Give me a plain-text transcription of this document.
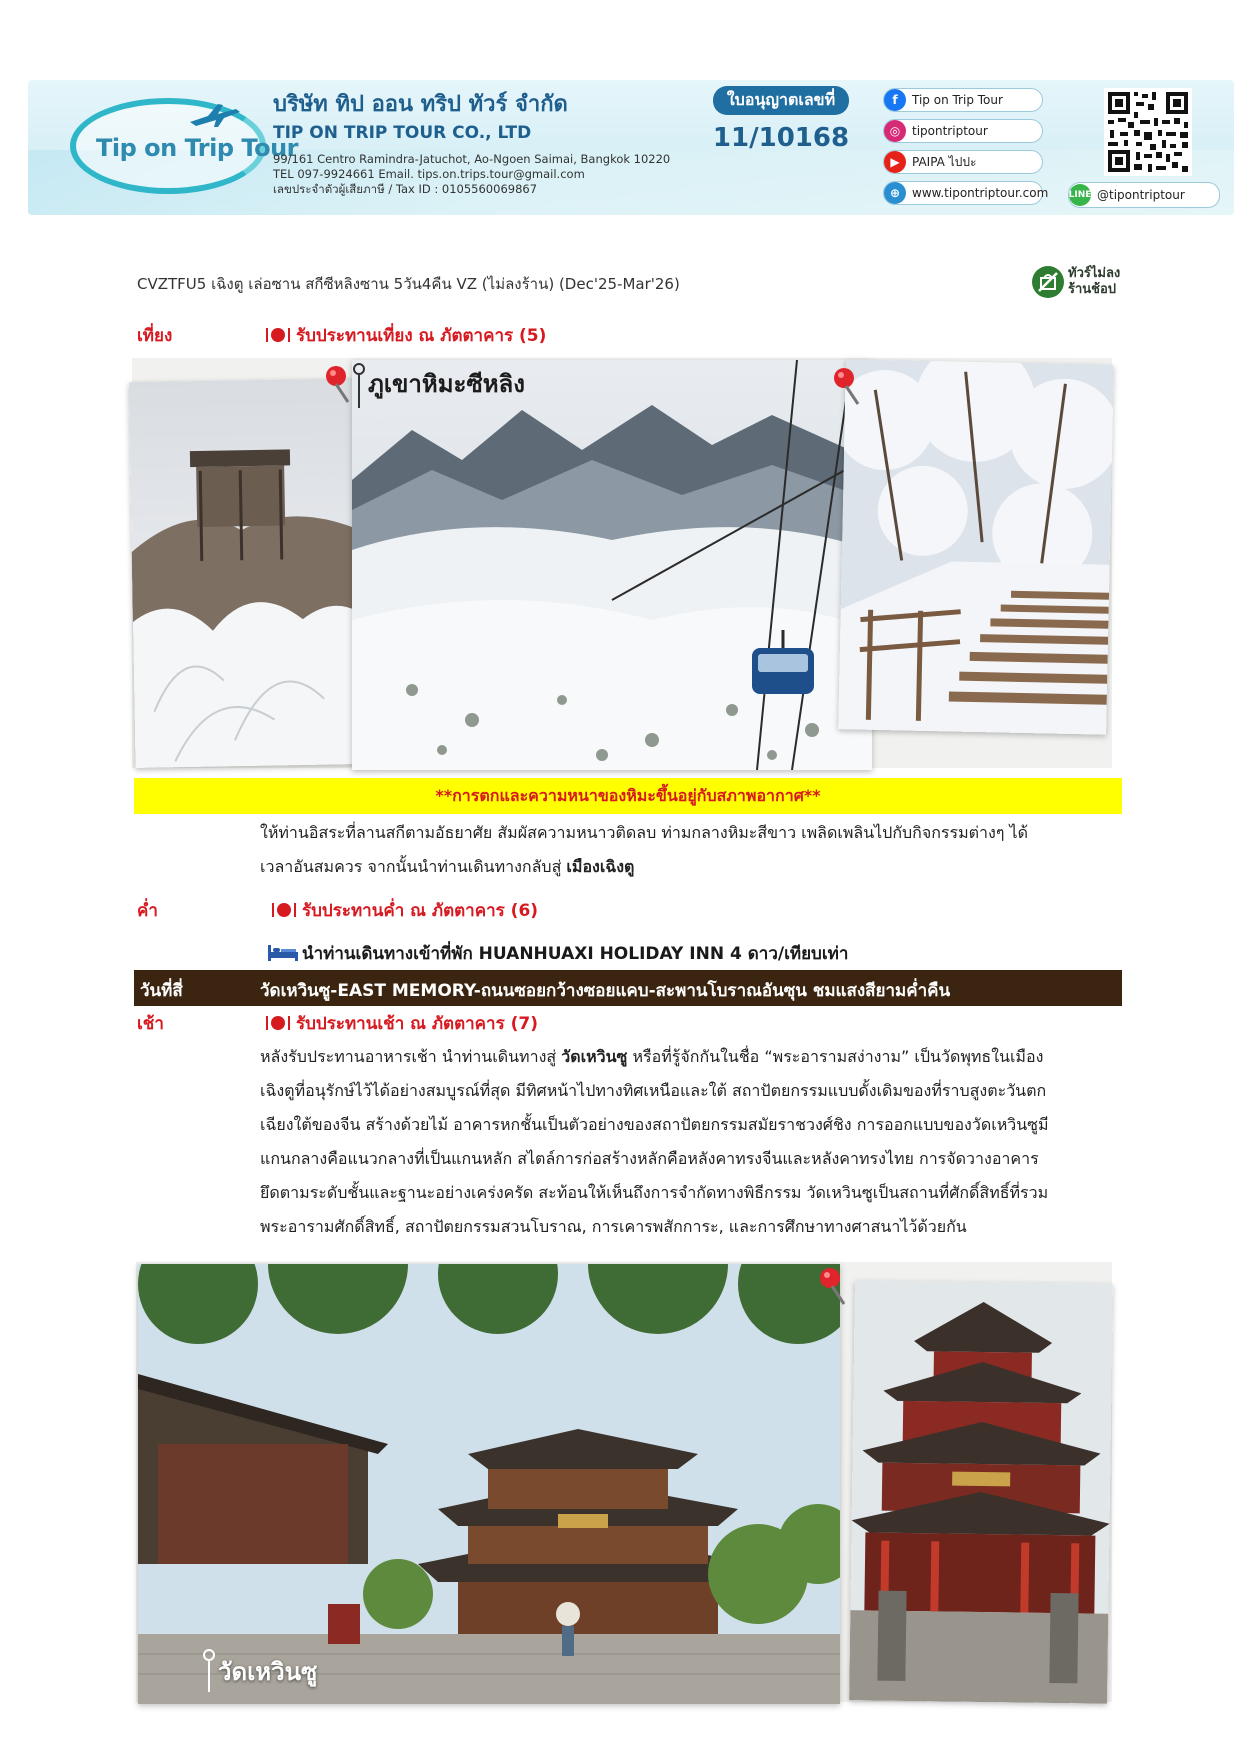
Tip on Trip Tour
บริษัท ทิป ออน ทริป ทัวร์ จำกัด
TIP ON TRIP TOUR CO., LTD
99/161 Centro Ramindra-Jatuchot, Ao-Ngoen Saimai, Bangkok 10220
TEL 097-9924661 Email. tips.on.trips.tour@gmail.com
เลขประจำตัวผู้เสียภาษี / Tax ID : 0105560069867
ใบอนุญาตเลขที่
11/10168
f	Tip on Trip Tour
◎ tipontriptour
▶	PAIPA ไปปะ
⊕ www.tipontriptour.com LINE @tipontriptour
CVZTFU5 เฉิงตู เล่อซาน สกีซีหลิงซาน 5วัน4คืน VZ (ไม่ลงร้าน) (Dec'25-Mar'26)
ทัวร์ไม่ลง
ร้านช้อป
เที่ยง	รับประทานเที่ยง ณ ภัตตาคาร (5)
ภูเขาหิมะซีหลิง
**การตกและความหนาของหิมะขึ้นอยู่กับสภาพอากาศ**
ให้ท่านอิสระที่ลานสกีตามอัธยาศัย สัมผัสความหนาวติดลบ ท่ามกลางหิมะสีขาว เพลิดเพลินไปกับกิจกรรมต่างๆ ได้
เวลาอันสมควร จากนั้นนำท่านเดินทางกลับสู่ เมืองเฉิงตู
ค่ำ	รับประทานค่ำ ณ ภัตตาคาร (6)
นำท่านเดินทางเข้าที่พัก HUANHUAXI HOLIDAY INN 4 ดาว/เทียบเท่า
วันที่สี่	วัดเหวินซู-EAST MEMORY-ถนนซอยกว้างซอยแคบ-สะพานโบราณอันซุน ชมแสงสียามค่ำคืน
เช้า	รับประทานเช้า ณ ภัตตาคาร (7)
หลังรับประทานอาหารเช้า นำท่านเดินทางสู่ วัดเหวินซู หรือที่รู้จักกันในชื่อ “พระอารามสง่างาม” เป็นวัดพุทธในเมือง
เฉิงตูที่อนุรักษ์ไว้ได้อย่างสมบูรณ์ที่สุด มีทิศหน้าไปทางทิศเหนือและใต้ สถาปัตยกรรมแบบดั้งเดิมของที่ราบสูงตะวันตก
เฉียงใต้ของจีน สร้างด้วยไม้ อาคารหกชั้นเป็นตัวอย่างของสถาปัตยกรรมสมัยราชวงศ์ชิง การออกแบบของวัดเหวินซูมี
แกนกลางคือแนวกลางที่เป็นแกนหลัก สไตล์การก่อสร้างหลักคือหลังคาทรงจีนและหลังคาทรงไทย การจัดวางอาคาร
ยึดตามระดับชั้นและฐานะอย่างเคร่งครัด สะท้อนให้เห็นถึงการจำกัดทางพิธีกรรม วัดเหวินซูเป็นสถานที่ศักดิ์สิทธิ์ที่รวม
พระอารามศักดิ์สิทธิ์, สถาปัตยกรรมสวนโบราณ, การเคารพสักการะ, และการศึกษาทางศาสนาไว้ด้วยกัน
วัดเหวินซู
